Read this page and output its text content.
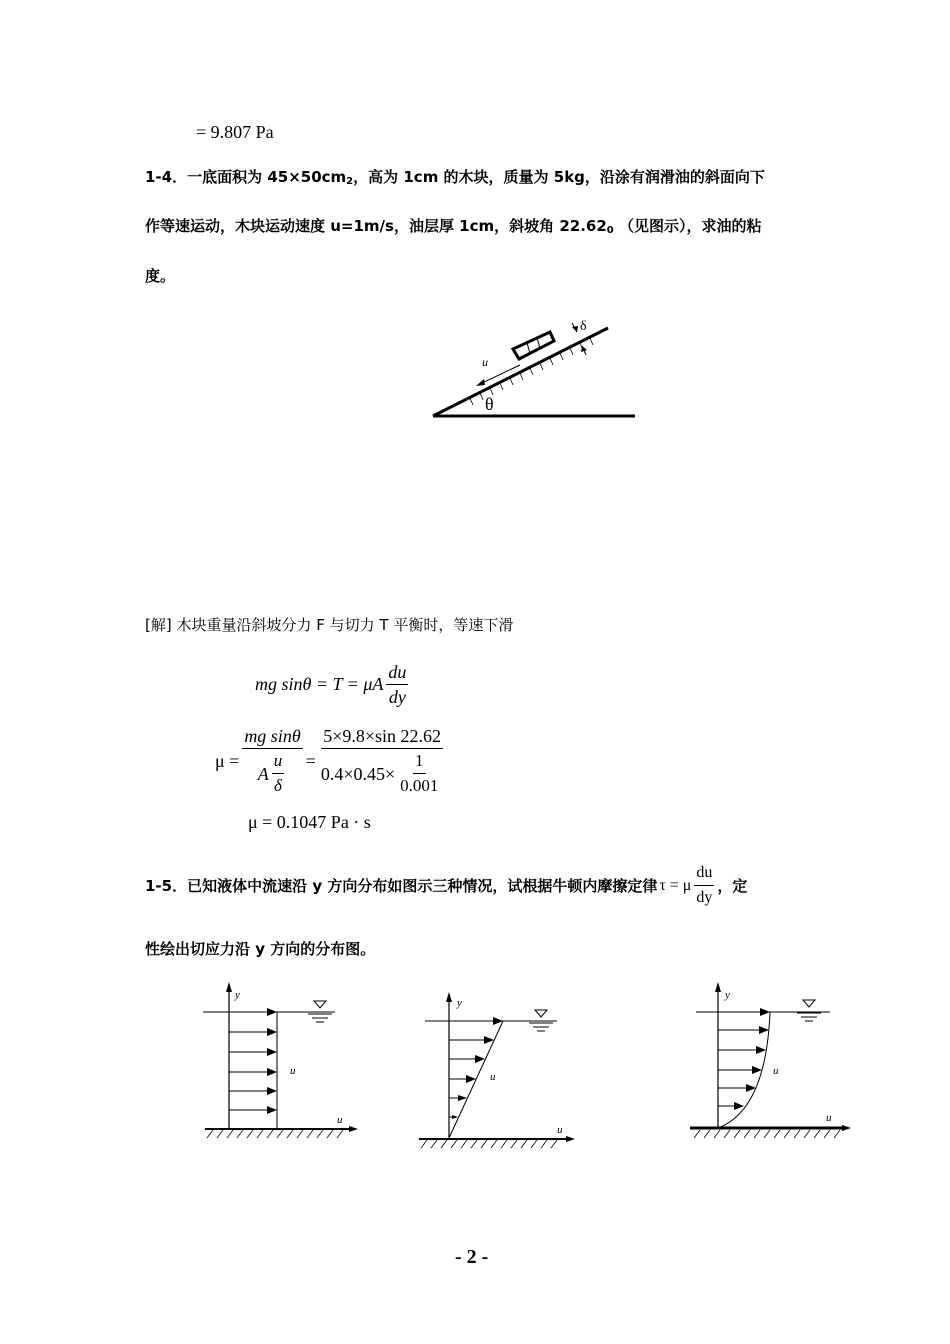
= 9.807 Pa
1-4．一底面积为 $45\times 50cm_2$，高为 1cm 的木块，质量为 5kg，沿涂有润滑油的斜面向下
作等速运动，木块运动速度 u=1m/s，油层厚 1cm，斜坡角 $22.62_0$ （见图示），求油的粘
度。
u
θ
δ
[解] 木块重量沿斜坡分力 F 与切力 T 平衡时，等速下滑
mg sinθ = T = μA $\frac{du}{dy}$
$\mu = \frac{\text{mg sinθ}}{A \frac{u}{\delta}} = \frac{5\times 9.8\times\sin 22.62}{0.4\times 0.45\times \frac{1}{0.001}}$
μ = 0.1047 Pa · s
1-5．已知液体中流速沿 y 方向分布如图示三种情况，试根据牛顿内摩擦定律 τ = μ $\frac{du}{dy}$ ，定
性绘出切应力沿 y 方向的分布图。
y
u
u
y
u
u
y
u
u
- 2 -
